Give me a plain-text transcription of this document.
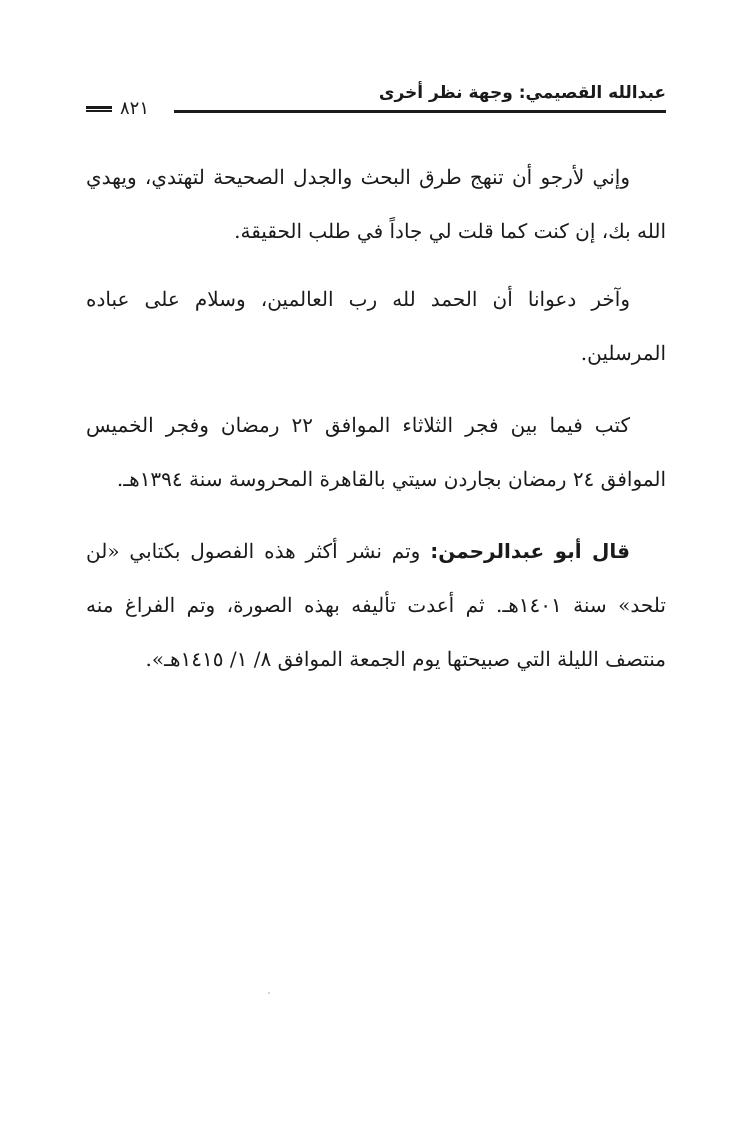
عبدالله القصيمي: وجهة نظر أخرى
٨٢١

وإني لأرجو أن تنهج طرق البحث والجدل الصحيحة لتهتدي، ويهدي الله بك، إن كنت كما قلت لي جاداً في طلب الحقيقة.

وآخر دعوانا أن الحمد لله رب العالمين، وسلام على عباده المرسلين.

كتب فيما بين فجر الثلاثاء الموافق ٢٢ رمضان وفجر الخميس الموافق ٢٤ رمضان بجاردن سيتي بالقاهرة المحروسة سنة ١٣٩٤هـ.

قال أبو عبدالرحمن: وتم نشر أكثر هذه الفصول بكتابي «لن تلحد» سنة ١٤٠١هـ. ثم أعدت تأليفه بهذه الصورة، وتم الفراغ منه منتصف الليلة التي صبيحتها يوم الجمعة الموافق ٨/ ١/ ١٤١٥هـ».
